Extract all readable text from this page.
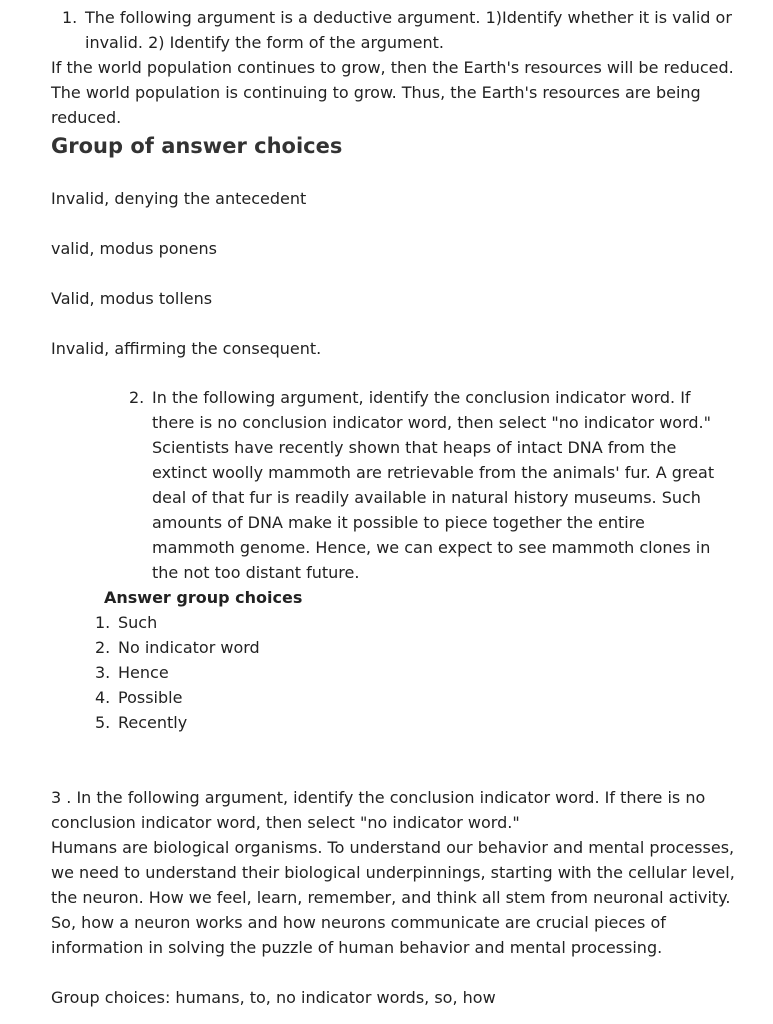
1. The following argument is a deductive argument. 1)Identify whether it is valid or invalid. 2) Identify the form of the argument.
If the world population continues to grow, then the Earth's resources will be reduced. The world population is continuing to grow. Thus, the Earth's resources are being reduced.
Group of answer choices
Invalid, denying the antecedent
valid, modus ponens
Valid, modus tollens
Invalid, affirming the consequent.
2. In the following argument, identify the conclusion indicator word. If there is no conclusion indicator word, then select "no indicator word." Scientists have recently shown that heaps of intact DNA from the extinct woolly mammoth are retrievable from the animals' fur. A great deal of that fur is readily available in natural history museums. Such amounts of DNA make it possible to piece together the entire mammoth genome. Hence, we can expect to see mammoth clones in the not too distant future.
Answer group choices
1. Such
2. No indicator word
3. Hence
4. Possible
5. Recently
3 . In the following argument, identify the conclusion indicator word. If there is no conclusion indicator word, then select "no indicator word."
Humans are biological organisms. To understand our behavior and mental processes, we need to understand their biological underpinnings, starting with the cellular level, the neuron. How we feel, learn, remember, and think all stem from neuronal activity. So, how a neuron works and how neurons communicate are crucial pieces of information in solving the puzzle of human behavior and mental processing.
Group choices: humans, to, no indicator words, so, how
